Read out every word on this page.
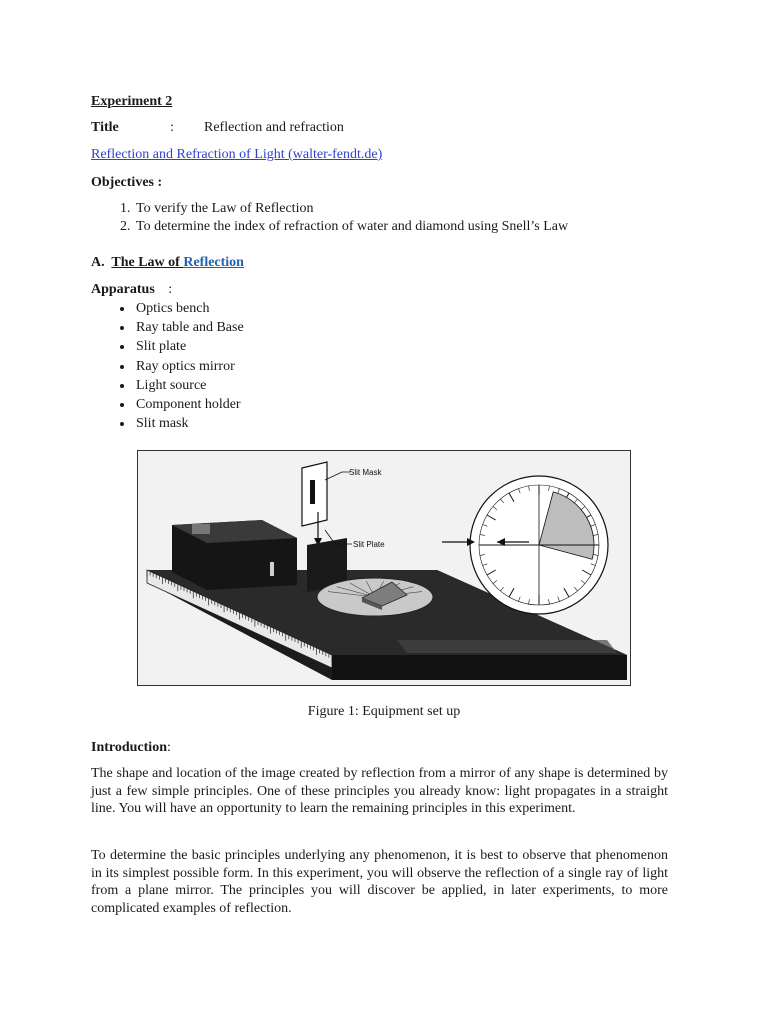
Experiment 2
Title	: Reflection and refraction
Reflection and Refraction of Light (walter-fendt.de)
Objectives :
1. To verify the Law of Reflection
2. To determine the index of refraction of water and diamond using Snell’s Law
A. The Law of Reflection
Apparatus :
• Optics bench
• Ray table and Base
• Slit plate
• Ray optics mirror
• Light source
• Component holder
• Slit mask
Slit Mask
Slit Plate
Figure 1: Equipment set up
Introduction:

The shape and location of the image created by reflection from a mirror of any shape is determined by just a few simple principles. One of these principles you already know: light propagates in a straight line. You will have an opportunity to learn the remaining principles in this experiment.

To determine the basic principles underlying any phenomenon, it is best to observe that phenomenon in its simplest possible form. In this experiment, you will observe the reflection of a single ray of light from a plane mirror. The principles you will discover be applied, in later experiments, to more complicated examples of reflection.
